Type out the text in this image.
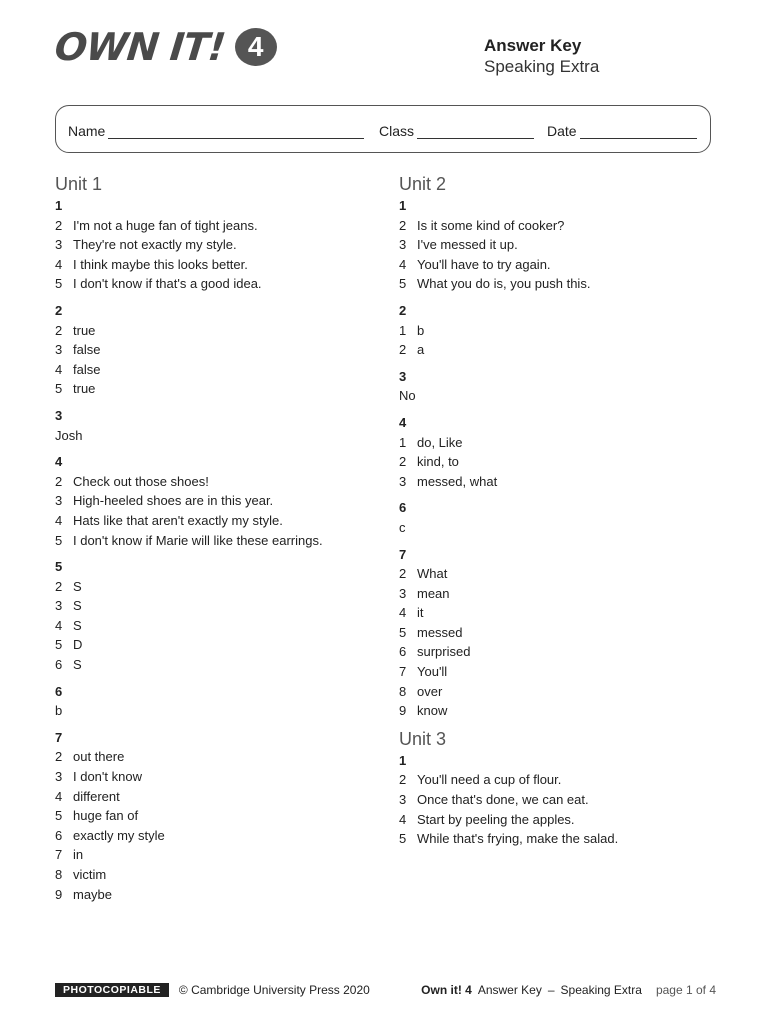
OWN IT! 4	Answer Key
Speaking Extra
Name	Class	Date
Unit 1
1
2 I'm not a huge fan of tight jeans.
3 They're not exactly my style.
4 I think maybe this looks better.
5 I don't know if that's a good idea.
2
2 true
3 false
4 false
5 true
3
Josh
4
2 Check out those shoes!
3 High-heeled shoes are in this year.
4 Hats like that aren't exactly my style.
5 I don't know if Marie will like these earrings.
5
2 S
3 S
4 S
5 D
6 S
6
b
7
2 out there
3 I don't know
4 different
5 huge fan of
6 exactly my style
7 in
8 victim
9 maybe
Unit 2
1
2 Is it some kind of cooker?
3 I've messed it up.
4 You'll have to try again.
5 What you do is, you push this.
2
1 b
2 a
3
No
4
1 do, Like
2 kind, to
3 messed, what
6
c
7
2 What
3 mean
4 it
5 messed
6 surprised
7 You'll
8 over
9 know
Unit 3
1
2 You'll need a cup of flour.
3 Once that's done, we can eat.
4 Start by peeling the apples.
5 While that's frying, make the salad.
PHOTOCOPIABLE	© Cambridge University Press 2020	Own it! 4 Answer Key – Speaking Extra page 1 of 4
